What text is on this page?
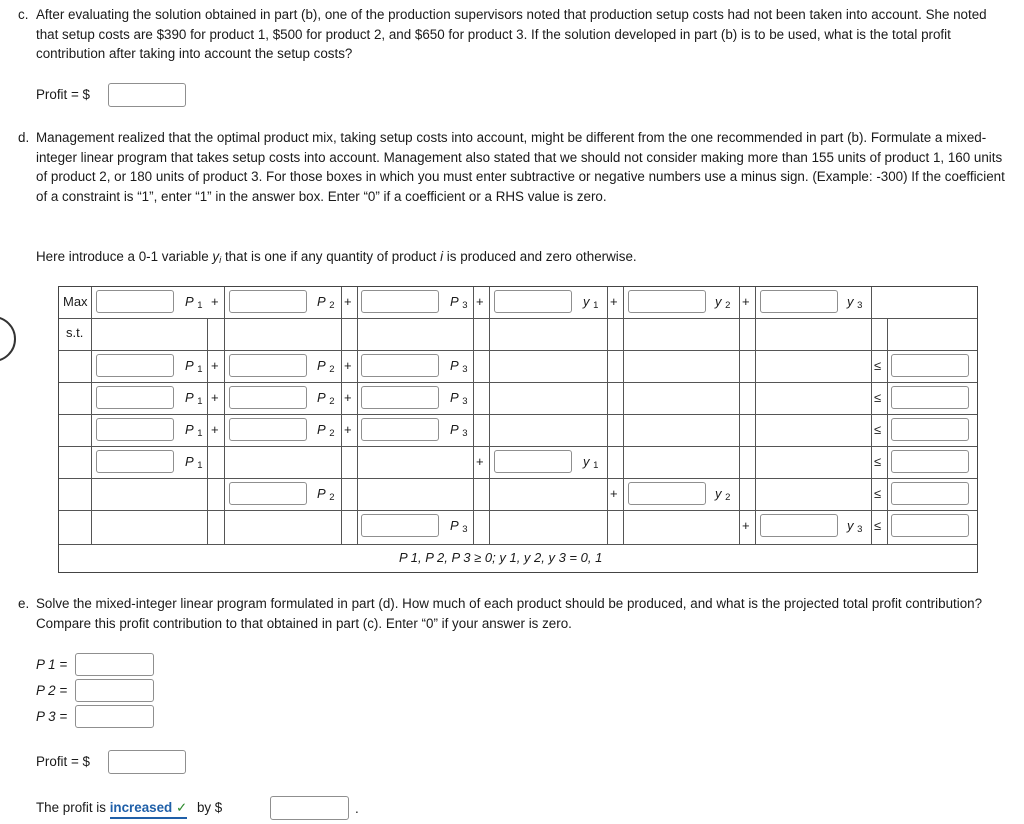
c. After evaluating the solution obtained in part (b), one of the production supervisors noted that production setup costs had not been taken into account. She noted that setup costs are $390 for product 1, $500 for product 2, and $650 for product 3. If the solution developed in part (b) is to be used, what is the total profit contribution after taking into account the setup costs?
Profit = $
d. Management realized that the optimal product mix, taking setup costs into account, might be different from the one recommended in part (b). Formulate a mixed-integer linear program that takes setup costs into account. Management also stated that we should not consider making more than 155 units of product 1, 160 units of product 2, or 180 units of product 3. For those boxes in which you must enter subtractive or negative numbers use a minus sign. (Example: -300) If the coefficient of a constraint is “1”, enter “1” in the answer box. Enter “0” if a coefficient or a RHS value is zero.
Here introduce a 0-1 variable $y_i$ that is one if any quantity of product i is produced and zero otherwise.
Max	P $_1$ +	P $_2$ +	P $_3$ +	y $_1$ +	y $_2$ +	y $_3$
s.t.
P $_1$ +	P $_2$ +	P $_3$	≤
P $_1$ +	P $_2$ +	P $_3$	≤
P $_1$ +	P $_2$ +	P $_3$	≤
P $_1$	+	y $_1$	≤
P $_2$	+	y $_2$	≤
P $_3$	+	y $_3$ ≤
P 1, P 2, P 3 ≥ 0; y 1, y 2, y 3 = 0, 1
e. Solve the mixed-integer linear program formulated in part (d). How much of each product should be produced, and what is the projected total profit contribution? Compare this profit contribution to that obtained in part (c). Enter “0” if your answer is zero.
P 1 =
P 2 =
P 3 =
Profit = $
The profit is increased ✓ by $	.
